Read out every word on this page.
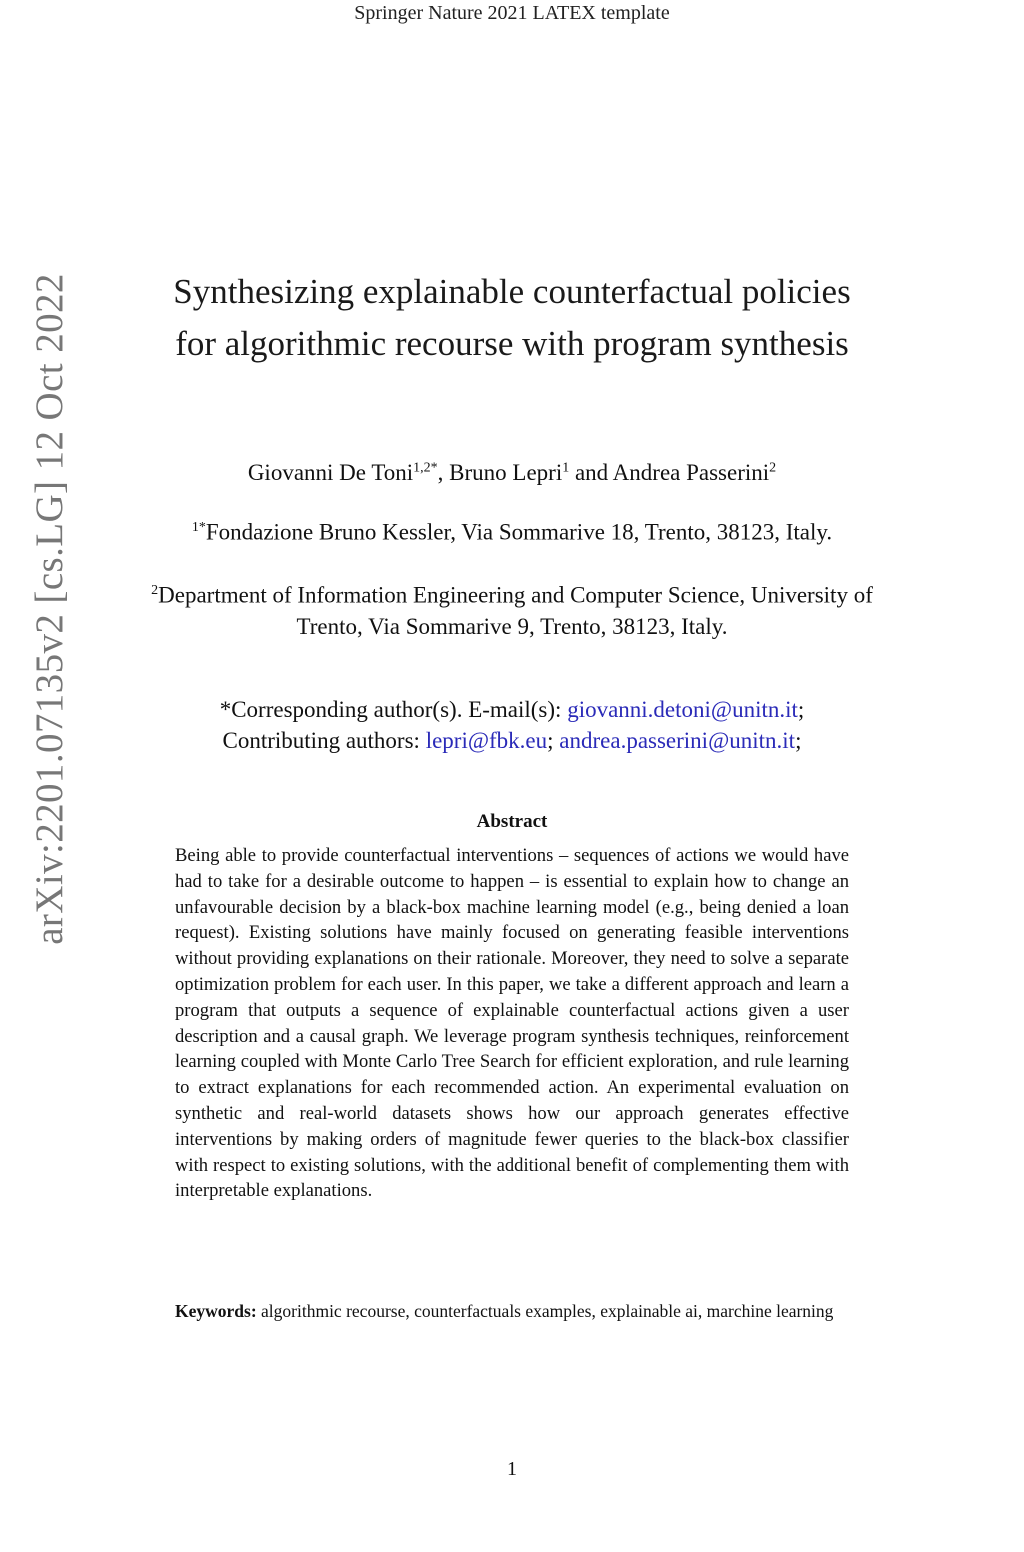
Springer Nature 2021 LATEX template
arXiv:2201.07135v2 [cs.LG] 12 Oct 2022	Synthesizing explainable counterfactual policies for algorithmic recourse with program synthesis
Giovanni De Toni$^{1,2*}$, Bruno Lepri$^1$ and Andrea Passerini$^2$
$^{1*}$Fondazione Bruno Kessler, Via Sommarive 18, Trento, 38123, Italy.
$^2$Department of Information Engineering and Computer Science, University of Trento, Via Sommarive 9, Trento, 38123, Italy.
*Corresponding author(s). E-mail(s): giovanni.detoni@unitn.it;
Contributing authors: lepri@fbk.eu; andrea.passerini@unitn.it;
Abstract
Being able to provide counterfactual interventions – sequences of actions we would have had to take for a desirable outcome to happen – is essential to explain how to change an unfavourable decision by a black-box machine learning model (e.g., being denied a loan request). Existing solutions have mainly focused on generating feasible interventions without providing explanations on their rationale. Moreover, they need to solve a separate optimization problem for each user. In this paper, we take a different approach and learn a program that outputs a sequence of explainable counterfactual actions given a user description and a causal graph. We leverage program synthesis techniques, reinforcement learning coupled with Monte Carlo Tree Search for efficient exploration, and rule learning to extract explanations for each recommended action. An experimental evaluation on synthetic and real-world datasets shows how our approach generates effective interventions by making orders of magnitude fewer queries to the black-box classifier with respect to existing solutions, with the additional benefit of complementing them with interpretable explanations.
Keywords: algorithmic recourse, counterfactuals examples, explainable ai, marchine learning
1
